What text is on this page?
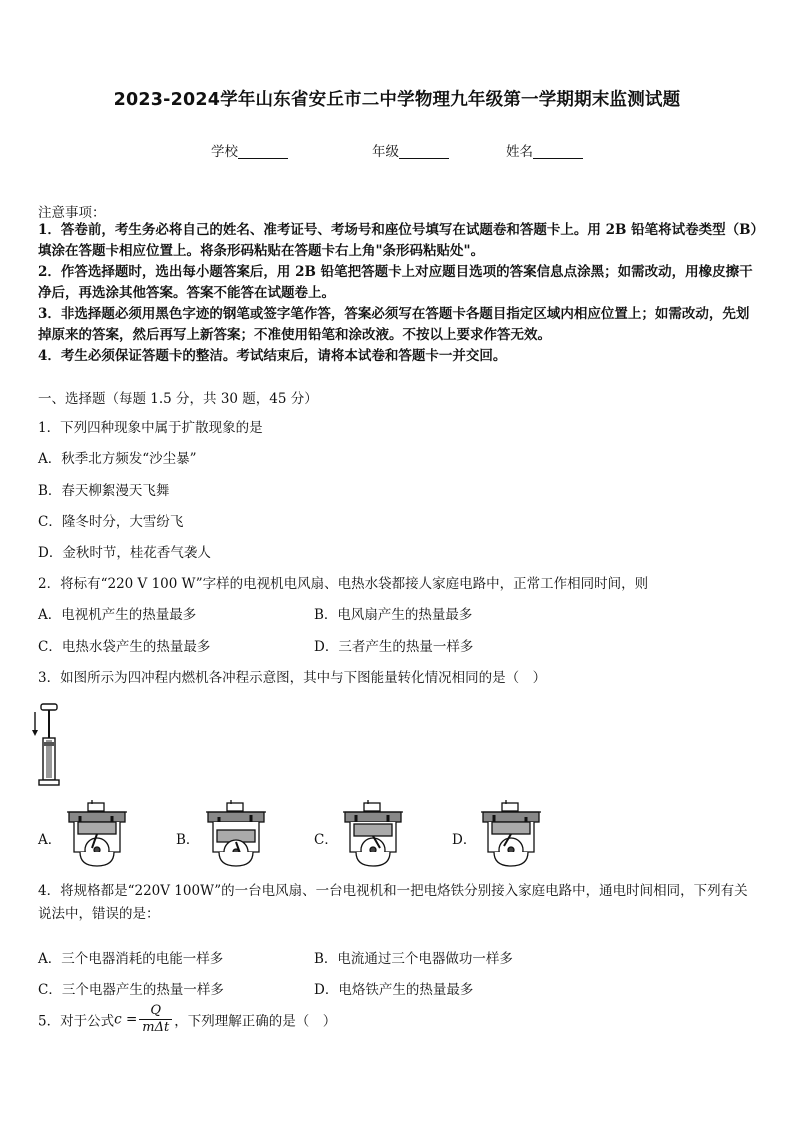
2023-2024学年山东省安丘市二中学物理九年级第一学期期末监测试题
学校	年级	姓名
注意事项：
1．答卷前，考生务必将自己的姓名、准考证号、考场号和座位号填写在试题卷和答题卡上。用 2B 铅笔将试卷类型（B）填涂在答题卡相应位置上。将条形码粘贴在答题卡右上角"条形码粘贴处"。
2．作答选择题时，选出每小题答案后，用 2B 铅笔把答题卡上对应题目选项的答案信息点涂黑；如需改动，用橡皮擦干净后，再选涂其他答案。答案不能答在试题卷上。
3．非选择题必须用黑色字迹的钢笔或签字笔作答，答案必须写在答题卡各题目指定区域内相应位置上；如需改动，先划掉原来的答案，然后再写上新答案；不准使用铅笔和涂改液。不按以上要求作答无效。
4．考生必须保证答题卡的整洁。考试结束后，请将本试卷和答题卡一并交回。
一、选择题（每题 1.5 分，共 30 题，45 分）
1．下列四种现象中属于扩散现象的是
A．秋季北方频发“沙尘暴”
B．春天柳絮漫天飞舞
C．隆冬时分，大雪纷飞
D．金秋时节，桂花香气袭人
2．将标有“220 V 100 W”字样的电视机电风扇、电热水袋都接人家庭电路中，正常工作相同时间，则
A．电视机产生的热量最多	B．电风扇产生的热量最多
C．电热水袋产生的热量最多	D．三者产生的热量一样多
3．如图所示为四冲程内燃机各冲程示意图，其中与下图能量转化情况相同的是（　）
A．	B．	C．	D．
4．将规格都是“220V 100W”的一台电风扇、一台电视机和一把电烙铁分别接入家庭电路中，通电时间相同，下列有关说法中，错误的是：
A．三个电器消耗的电能一样多	B．电流通过三个电器做功一样多
C．三个电器产生的热量一样多	D．电烙铁产生的热量最多
5．对于公式$c = \frac{Q}{\text{mΔt}}$ ，下列理解正确的是（　）
